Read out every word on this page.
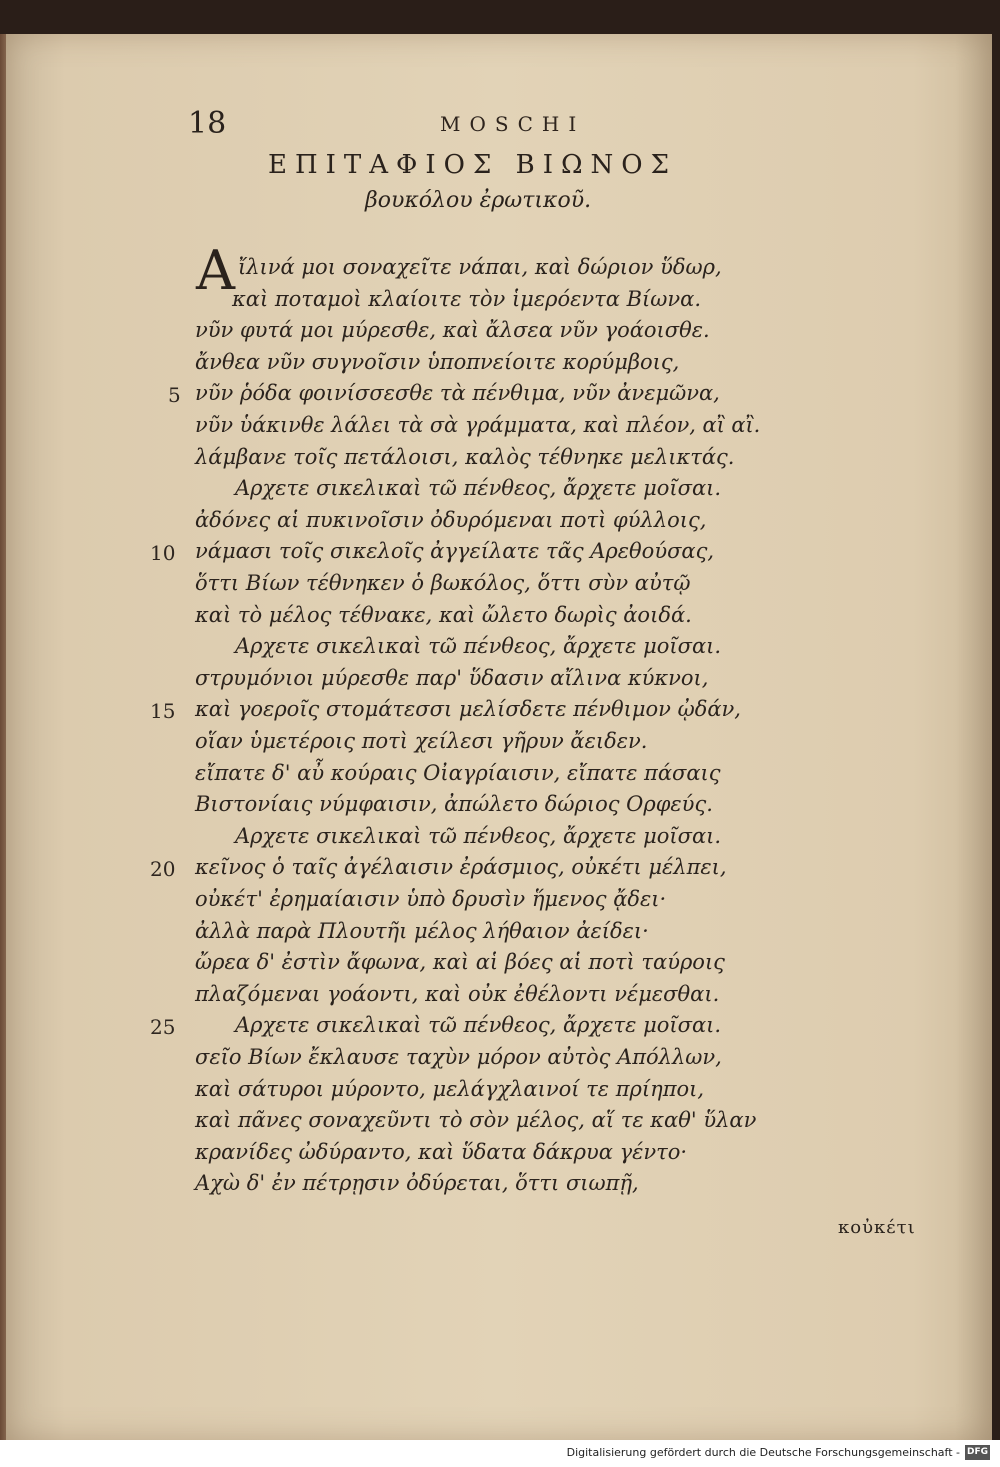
18	MOSCHI
ΕΠΙΤΑΦΙΟΣ ΒΙΩΝΟΣ
βουκόλου ἐρωτικοῦ.
Α ἴλινά μοι σοναχεῖτε νάπαι, καὶ δώριον ὕδωρ,
καὶ ποταμοὶ κλαίοιτε τὸν ἱμερόεντα Βίωνα.
νῦν φυτά μοι μύρεσθε, καὶ ἄλσεα νῦν γοάοισθε.
ἄνθεα νῦν συγνοῖσιν ὑποπνείοιτε κορύμβοις,
5 νῦν ῥόδα φοινίσσεσθε τὰ πένθιμα, νῦν ἀνεμῶνα,
νῦν ὑάκινθε λάλει τὰ σὰ γράμματα, καὶ πλέον, αἲ αἲ.
λάμβανε τοῖς πετάλοισι, καλὸς τέθνηκε μελικτάς.
Αρχετε σικελικαὶ τῶ πένθεος, ἄρχετε μοῖσαι.
ἀδόνες αἱ πυκινοῖσιν ὀδυρόμεναι ποτὶ φύλλοις,
10 νάμασι τοῖς σικελοῖς ἀγγείλατε τᾶς Αρεθούσας,
ὅττι Βίων τέθνηκεν ὁ βωκόλος, ὅττι σὺν αὐτῷ
καὶ τὸ μέλος τέθνακε, καὶ ὤλετο δωρὶς ἀοιδά.
Αρχετε σικελικαὶ τῶ πένθεος, ἄρχετε μοῖσαι.
στρυμόνιοι μύρεσθε παρ' ὕδασιν αἴλινα κύκνοι,
15 καὶ γοεροῖς στομάτεσσι μελίσδετε πένθιμον ᾠδάν,
οἵαν ὑμετέροις ποτὶ χείλεσι γῆρυν ἄειδεν.
εἴπατε δ' αὖ κούραις Οἰαγρίαισιν, εἴπατε πάσαις
Βιστονίαις νύμφαισιν, ἀπώλετο δώριος Ορφεύς.
Αρχετε σικελικαὶ τῶ πένθεος, ἄρχετε μοῖσαι.
20 κεῖνος ὁ ταῖς ἀγέλαισιν ἐράσμιος, οὐκέτι μέλπει,
οὐκέτ' ἐρημαίαισιν ὑπὸ δρυσὶν ἥμενος ᾄδει·
ἀλλὰ παρὰ Πλουτῆι μέλος λήθαιον ἀείδει·
ὤρεα δ' ἐστὶν ἄφωνα, καὶ αἱ βόες αἱ ποτὶ ταύροις
πλαζόμεναι γοάοντι, καὶ οὐκ ἐθέλοντι νέμεσθαι.
25	Αρχετε σικελικαὶ τῶ πένθεος, ἄρχετε μοῖσαι.
σεῖο Βίων ἔκλαυσε ταχὺν μόρον αὐτὸς Απόλλων,
καὶ σάτυροι μύροντο, μελάγχλαινοί τε πρίηποι,
καὶ πᾶνες σοναχεῦντι τὸ σὸν μέλος, αἵ τε καθ' ὕλαν
κρανίδες ὠδύραντο, καὶ ὕδατα δάκρυα γέντο·
Αχὼ δ' ἐν πέτρῃσιν ὀδύρεται, ὅττι σιωπῇ,
κοὐκέτι
Digitalisierung gefördert durch die Deutsche Forschungsgemeinschaft - DFG
